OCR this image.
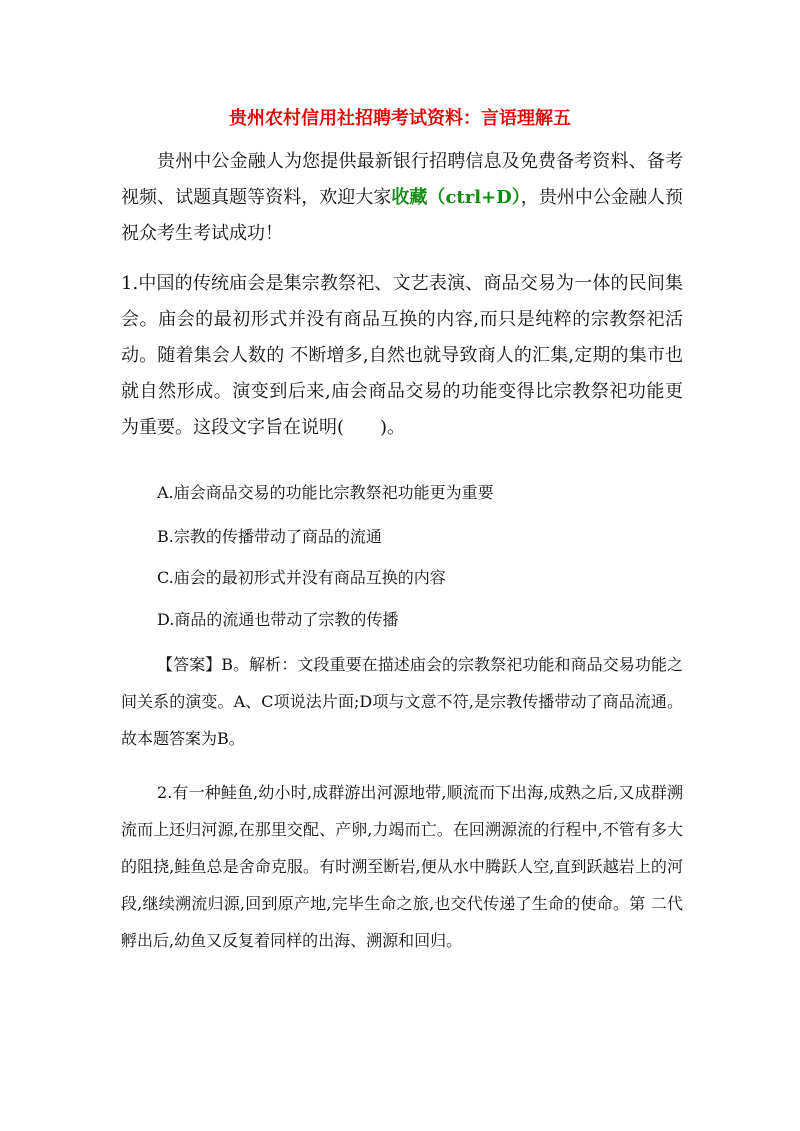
贵州农村信用社招聘考试资料：言语理解五

贵州中公金融人为您提供最新银行招聘信息及免费备考资料、备考视频、试题真题等资料，欢迎大家收藏（ctrl+D），贵州中公金融人预祝众考生考试成功！

1.中国的传统庙会是集宗教祭祀、文艺表演、商品交易为一体的民间集会。庙会的最初形式并没有商品互换的内容,而只是纯粹的宗教祭祀活动。随着集会人数的 不断增多,自然也就导致商人的汇集,定期的集市也就自然形成。演变到后来,庙会商品交易的功能变得比宗教祭祀功能更为重要。这段文字旨在说明(　　)。

A.庙会商品交易的功能比宗教祭祀功能更为重要

B.宗教的传播带动了商品的流通

C.庙会的最初形式并没有商品互换的内容

D.商品的流通也带动了宗教的传播

【答案】B。解析：文段重要在描述庙会的宗教祭祀功能和商品交易功能之间关系的演变。A、C项说法片面;D项与文意不符,是宗教传播带动了商品流通。故本题答案为B。

2.有一种鲑鱼,幼小时,成群游出河源地带,顺流而下出海,成熟之后,又成群溯流而上还归河源,在那里交配、产卵,力竭而亡。在回溯源流的行程中,不管有多大 的阻挠,鲑鱼总是舍命克服。有时溯至断岩,便从水中腾跃人空,直到跃越岩上的河段,继续溯流归源,回到原产地,完毕生命之旅,也交代传递了生命的使命。第 二代孵出后,幼鱼又反复着同样的出海、溯源和回归。
